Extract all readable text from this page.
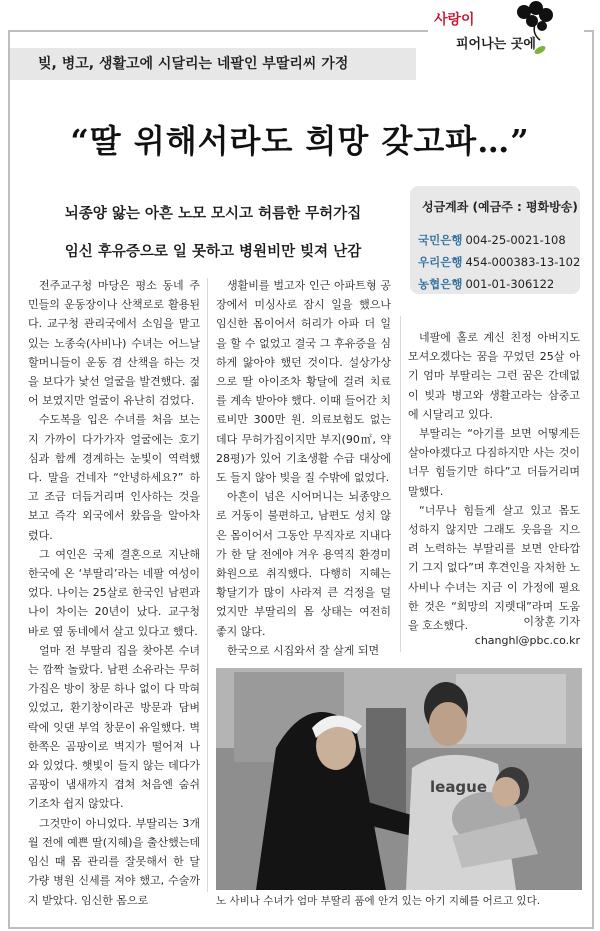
빚, 병고, 생활고에 시달리는 네팔인 부딸리씨 가정
사랑이
피어나는 곳에
“딸 위해서라도 희망 갖고파…”
뇌종양 앓는 아흔 노모 모시고 허름한 무허가집
임신 후유증으로 일 못하고 병원비만 빚져 난감
성금계좌 (예금주 : 평화방송)
국민은행 004-25-0021-108
우리은행 454-000383-13-102
농협은행 001-01-306122

전주교구청 마당은 평소 동네 주민들의 운동장이나 산책로로 활용된다. 교구청 관리국에서 소임을 맡고 있는 노종숙(사비나) 수녀는 어느날 할머니들이 운동 겸 산책을 하는 것을 보다가 낯선 얼굴을 발견했다. 젊어 보였지만 얼굴이 유난히 검었다.

수도복을 입은 수녀를 처음 보는지 가까이 다가가자 얼굴에는 호기심과 함께 경계하는 눈빛이 역력했다. 말을 건네자 “안녕하세요?” 하고 조금 더듬거리며 인사하는 것을 보고 즉각 외국에서 왔음을 알아차렸다.

그 여인은 국제 결혼으로 지난해 한국에 온 ‘부딸리’라는 네팔 여성이었다. 나이는 25살로 한국인 남편과 나이 차이는 20년이 났다. 교구청 바로 옆 동네에서 살고 있다고 했다.

얼마 전 부딸리 집을 찾아본 수녀는 깜짝 놀랐다. 남편 소유라는 무허가집은 방이 창문 하나 없이 다 막혀 있었고, 환기창이라곤 방문과 담벼락에 잇댄 부엌 창문이 유일했다. 벽 한쪽은 곰팡이로 벽지가 떨어져 나와 있었다. 햇빛이 들지 않는 데다가 곰팡이 냄새까지 겹쳐 처음엔 숨쉬기조차 쉽지 않았다.

그것만이 아니었다. 부딸리는 3개월 전에 예쁜 딸(지혜)을 출산했는데 임신 때 몸 관리를 잘못해서 한 달 가량 병원 신세를 져야 했고, 수술까지 받았다. 임신한 몸으로

생활비를 벌고자 인근 아파트형 공장에서 미싱사로 잠시 일을 했으나 임신한 몸이어서 허리가 아파 더 일을 할 수 없었고 결국 그 후유증을 심하게 앓아야 했던 것이다. 설상가상으로 딸 아이조차 황달에 걸려 치료를 계속 받아야 했다. 이때 들어간 치료비만 300만 원. 의료보험도 없는 데다 무허가집이지만 부지(90㎡, 약 28평)가 있어 기초생활 수급 대상에도 들지 않아 빚을 질 수밖에 없었다.

아흔이 넘은 시어머니는 뇌종양으로 거동이 불편하고, 남편도 성치 않은 몸이어서 그동안 무직자로 지내다가 한 달 전에야 겨우 용역직 환경미화원으로 취직했다. 다행히 지혜는 황달기가 많이 사라져 큰 걱정을 덜었지만 부딸리의 몸 상태는 여전히 좋지 않다.

한국으로 시집와서 잘 살게 되면

네팔에 홀로 계신 친정 아버지도 모셔오겠다는 꿈을 꾸었던 25살 아기 엄마 부딸리는 그런 꿈은 간데없이 빚과 병고와 생활고라는 삼중고에 시달리고 있다.

부딸리는 “아기를 보면 어떻게든 살아야겠다고 다짐하지만 사는 것이 너무 힘들기만 하다”고 더듬거리며 말했다.

“너무나 힘들게 살고 있고 몸도 성하지 않지만 그래도 웃음을 지으려 노력하는 부딸리를 보면 안타깝기 그지 없다”며 후견인을 자처한 노 사비나 수녀는 지금 이 가정에 필요한 것은 “희망의 지렛대”라며 도움을 호소했다.	이창훈 기자
changhl@pbc.co.kr
league
노 사비나 수녀가 엄마 부딸리 품에 안겨 있는 아기 지혜를 어르고 있다.
